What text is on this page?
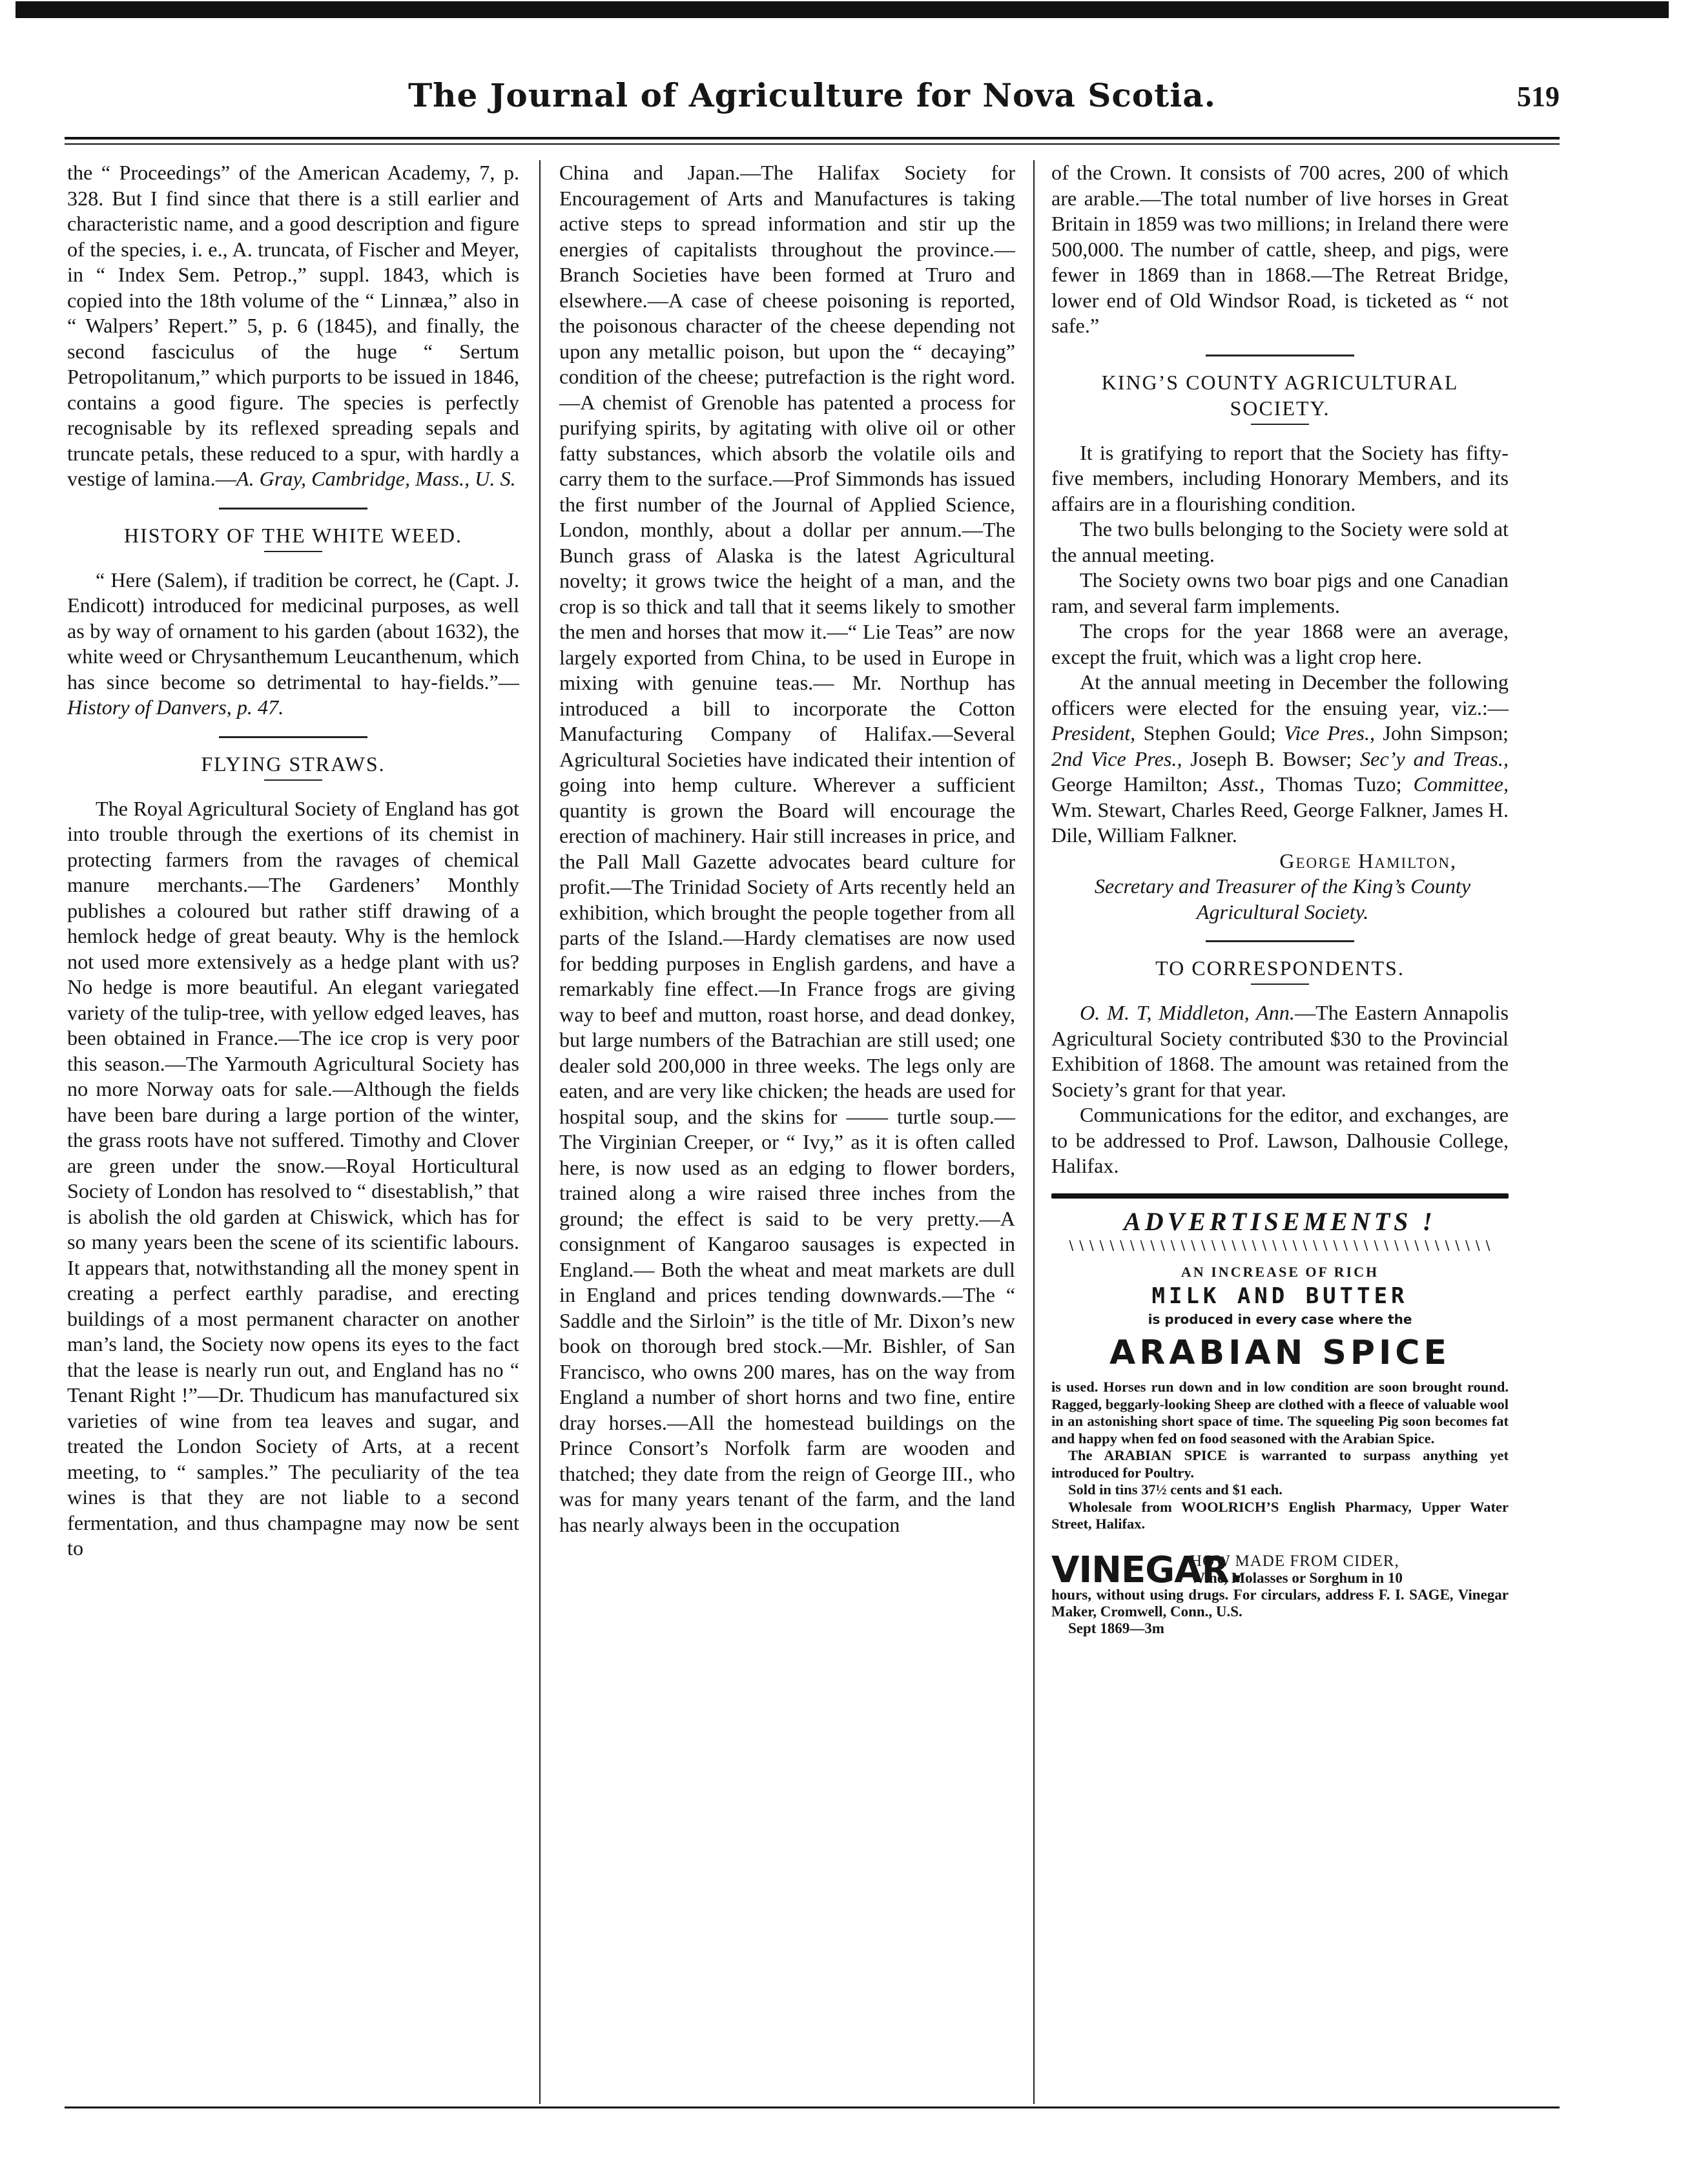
The Journal of Agriculture for Nova Scotia.	519

the “ Proceedings” of the American Academy, 7, p. 328. But I find since that there is a still earlier and characteristic name, and a good description and figure of the species, i. e., A. truncata, of Fischer and Meyer, in “ Index Sem. Petrop.,” suppl. 1843, which is copied into the 18th volume of the “ Linnæa,” also in “ Walpers’ Repert.” 5, p. 6 (1845), and finally, the second fasciculus of the huge “ Sertum Petropolitanum,” which purports to be issued in 1846, contains a good figure. The species is perfectly recognisable by its reflexed spreading sepals and truncate petals, these reduced to a spur, with hardly a vestige of lamina.—A. Gray, Cambridge, Mass., U. S.

HISTORY OF THE WHITE WEED.

“ Here (Salem), if tradition be correct, he (Capt. J. Endicott) introduced for medicinal purposes, as well as by way of ornament to his garden (about 1632), the white weed or Chrysanthemum Leucanthenum, which has since become so detrimental to hay-fields.”—History of Danvers, p. 47.

FLYING STRAWS.

The Royal Agricultural Society of England has got into trouble through the exertions of its chemist in protecting farmers from the ravages of chemical manure merchants.—The Gardeners’ Monthly publishes a coloured but rather stiff drawing of a hemlock hedge of great beauty. Why is the hemlock not used more extensively as a hedge plant with us? No hedge is more beautiful. An elegant variegated variety of the tulip-tree, with yellow edged leaves, has been obtained in France.—The ice crop is very poor this season.—The Yarmouth Agricultural Society has no more Norway oats for sale.—Although the fields have been bare during a large portion of the winter, the grass roots have not suffered. Timothy and Clover are green under the snow.—Royal Horticultural Society of London has resolved to “ disestablish,” that is abolish the old garden at Chiswick, which has for so many years been the scene of its scientific labours. It appears that, notwithstanding all the money spent in creating a perfect earthly paradise, and erecting buildings of a most permanent character on another man’s land, the Society now opens its eyes to the fact that the lease is nearly run out, and England has no “ Tenant Right !”—Dr. Thudicum has manufactured six varieties of wine from tea leaves and sugar, and treated the London Society of Arts, at a recent meeting, to “ samples.” The peculiarity of the tea wines is that they are not liable to a second fermentation, and thus champagne may now be sent to

China and Japan.—The Halifax Society for Encouragement of Arts and Manufactures is taking active steps to spread information and stir up the energies of capitalists throughout the province.— Branch Societies have been formed at Truro and elsewhere.—A case of cheese poisoning is reported, the poisonous character of the cheese depending not upon any metallic poison, but upon the “ decaying” condition of the cheese; putrefaction is the right word.—A chemist of Grenoble has patented a process for purifying spirits, by agitating with olive oil or other fatty substances, which absorb the volatile oils and carry them to the surface.—Prof Simmonds has issued the first number of the Journal of Applied Science, London, monthly, about a dollar per annum.—The Bunch grass of Alaska is the latest Agricultural novelty; it grows twice the height of a man, and the crop is so thick and tall that it seems likely to smother the men and horses that mow it.—“ Lie Teas” are now largely exported from China, to be used in Europe in mixing with genuine teas.— Mr. Northup has introduced a bill to incorporate the Cotton Manufacturing Company of Halifax.—Several Agricultural Societies have indicated their intention of going into hemp culture. Wherever a sufficient quantity is grown the Board will encourage the erection of machinery. Hair still increases in price, and the Pall Mall Gazette advocates beard culture for profit.—The Trinidad Society of Arts recently held an exhibition, which brought the people together from all parts of the Island.—Hardy clematises are now used for bedding purposes in English gardens, and have a remarkably fine effect.—In France frogs are giving way to beef and mutton, roast horse, and dead donkey, but large numbers of the Batrachian are still used; one dealer sold 200,000 in three weeks. The legs only are eaten, and are very like chicken; the heads are used for hospital soup, and the skins for —— turtle soup.—The Virginian Creeper, or “ Ivy,” as it is often called here, is now used as an edging to flower borders, trained along a wire raised three inches from the ground; the effect is said to be very pretty.—A consignment of Kangaroo sausages is expected in England.— Both the wheat and meat markets are dull in England and prices tending downwards.—The “ Saddle and the Sirloin” is the title of Mr. Dixon’s new book on thorough bred stock.—Mr. Bishler, of San Francisco, who owns 200 mares, has on the way from England a number of short horns and two fine, entire dray horses.—All the homestead buildings on the Prince Consort’s Norfolk farm are wooden and thatched; they date from the reign of George III., who was for many years tenant of the farm, and the land has nearly always been in the occupation

of the Crown. It consists of 700 acres, 200 of which are arable.—The total number of live horses in Great Britain in 1859 was two millions; in Ireland there were 500,000. The number of cattle, sheep, and pigs, were fewer in 1869 than in 1868.—The Retreat Bridge, lower end of Old Windsor Road, is ticketed as “ not safe.”

KING’S COUNTY AGRICULTURAL SOCIETY.

It is gratifying to report that the Society has fifty-five members, including Honorary Members, and its affairs are in a flourishing condition.

The two bulls belonging to the Society were sold at the annual meeting.

The Society owns two boar pigs and one Canadian ram, and several farm implements.

The crops for the year 1868 were an average, except the fruit, which was a light crop here.

At the annual meeting in December the following officers were elected for the ensuing year, viz.:—President, Stephen Gould; Vice Pres., John Simpson; 2nd Vice Pres., Joseph B. Bowser; Sec’y and Treas., George Hamilton; Asst., Thomas Tuzo; Committee, Wm. Stewart, Charles Reed, George Falkner, James H. Dile, William Falkner.

George Hamilton,
Secretary and Treasurer of the King’s County Agricultural Society.
TO CORRESPONDENTS.

O. M. T, Middleton, Ann.—The Eastern Annapolis Agricultural Society contributed $30 to the Provincial Exhibition of 1868. The amount was retained from the Society’s grant for that year.

Communications for the editor, and exchanges, are to be addressed to Prof. Lawson, Dalhousie College, Halifax.

ADVERTISEMENTS !
∖∖∖∖∖∖∖∖∖∖∖∖∖∖∖∖∖∖∖∖∖∖∖∖∖∖∖∖∖∖∖∖∖∖∖∖∖∖∖∖∖∖
AN INCREASE OF RICH
MILK AND BUTTER
is produced in every case where the
ARABIAN SPICE

is used. Horses run down and in low condition are soon brought round. Ragged, beggarly-looking Sheep are clothed with a fleece of valuable wool in an astonishing short space of time. The squeeling Pig soon becomes fat and happy when fed on food seasoned with the Arabian Spice.

The ARABIAN SPICE is warranted to surpass anything yet introduced for Poultry.

Sold in tins 37½ cents and $1 each.

Wholesale from WOOLRICH’S English Pharmacy, Upper Water Street, Halifax.

VINEGAR.
HOW MADE FROM CIDER,
Wine, Molasses or Sorghum in 10
hours, without using drugs. For circulars, address F. I. SAGE, Vinegar Maker, Cromwell, Conn., U.S.
Sept 1869—3m
